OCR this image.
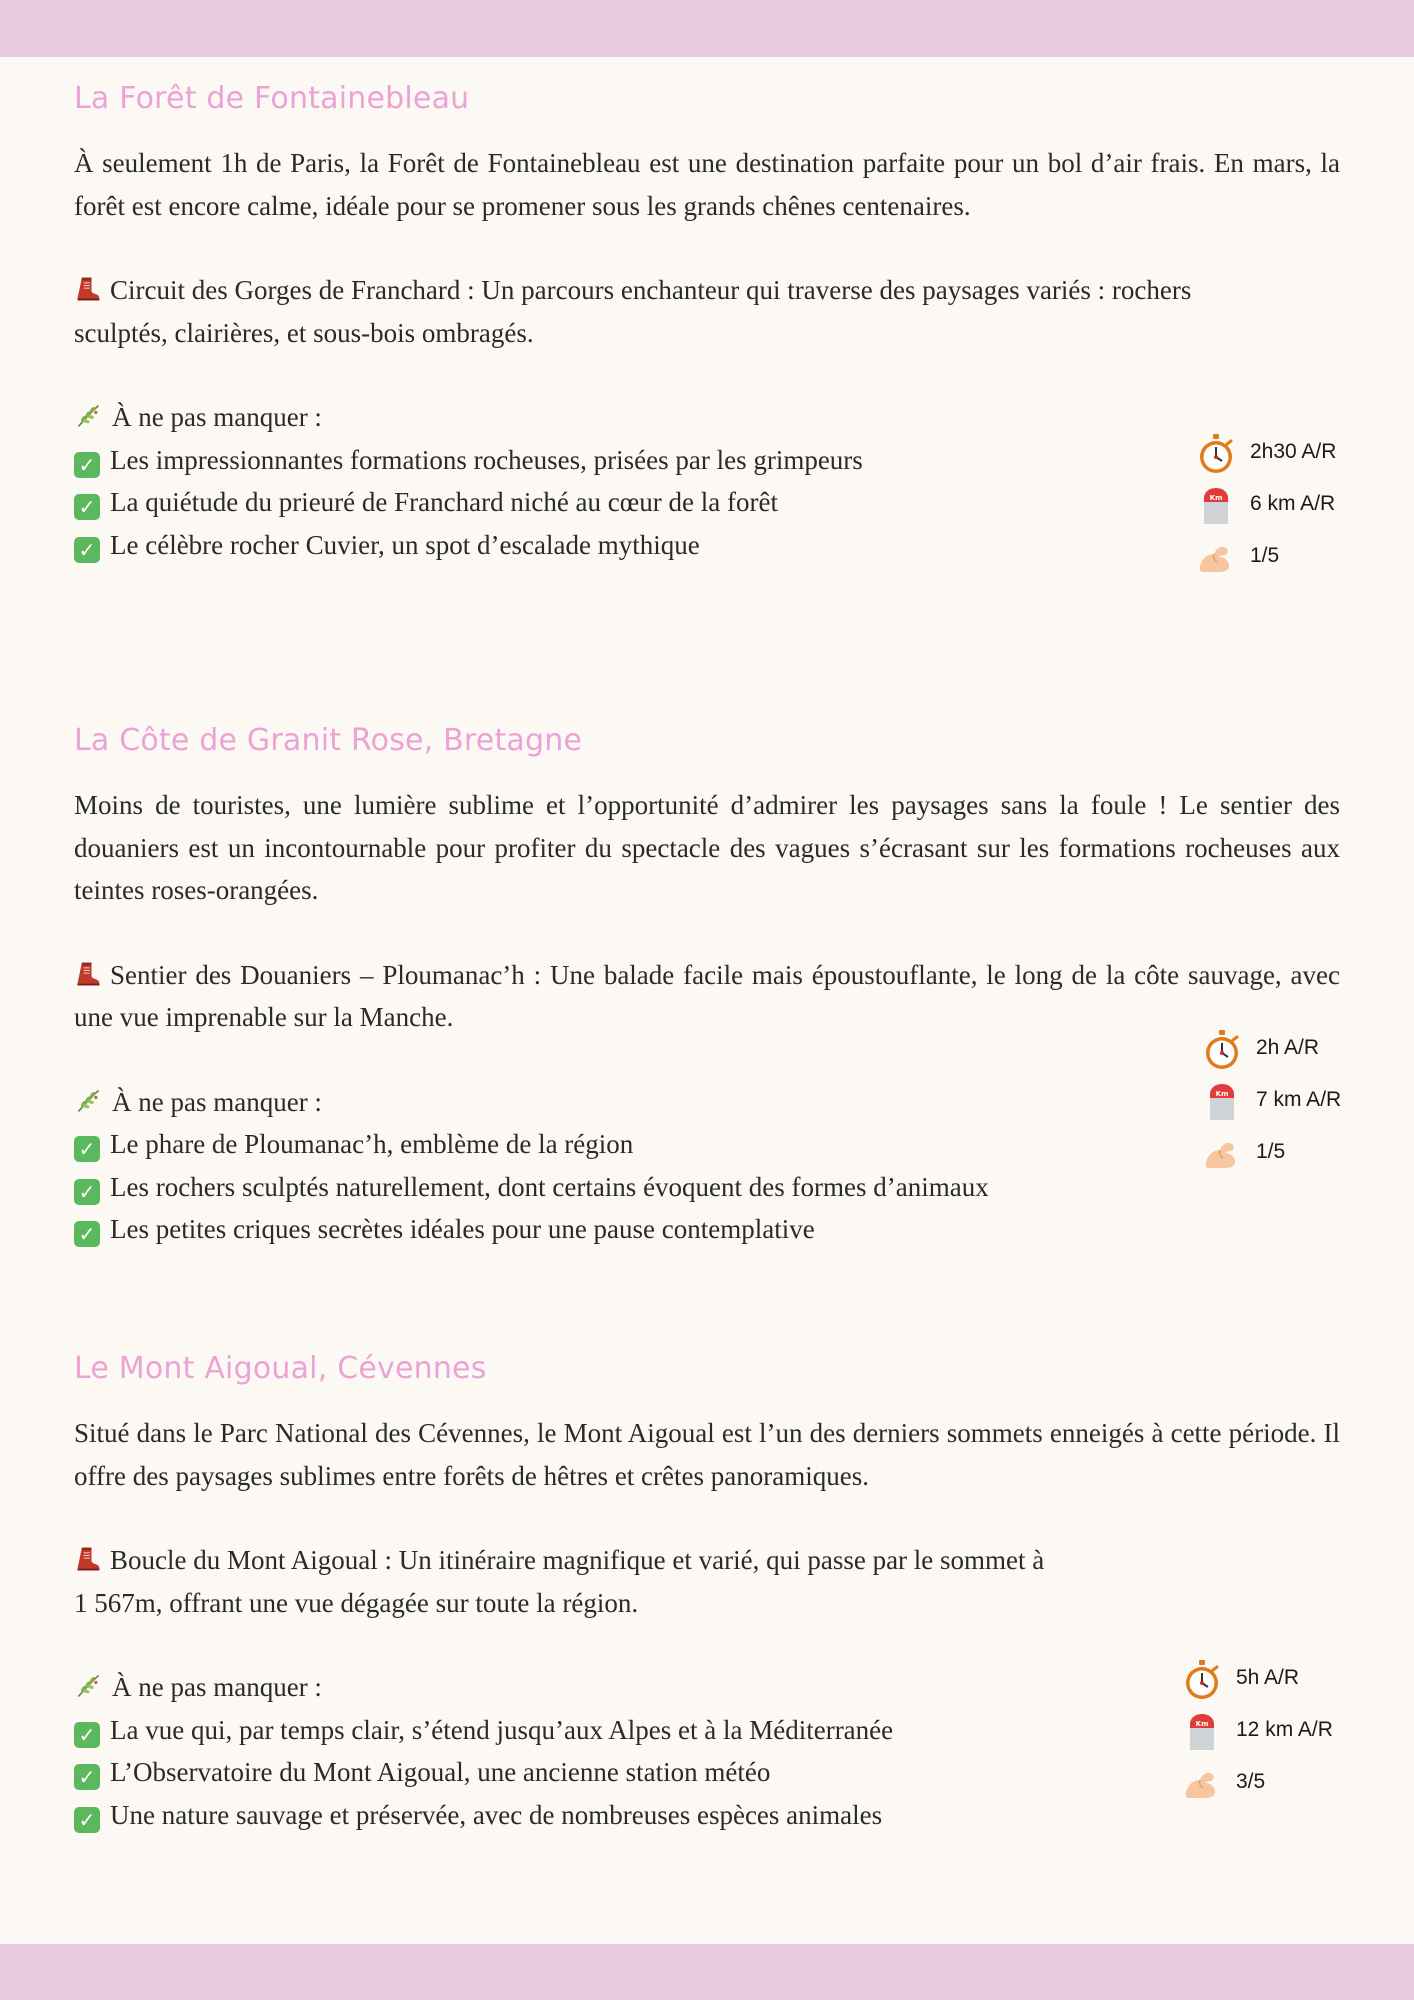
La Forêt de Fontainebleau

À seulement 1h de Paris, la Forêt de Fontainebleau est une destination parfaite pour un bol d’air frais. En mars, la forêt est encore calme, idéale pour se promener sous les grands chênes centenaires.

Circuit des Gorges de Franchard : Un parcours enchanteur qui traverse des paysages variés : rochers

sculptés, clairières, et sous-bois ombragés.

À ne pas manquer :

✓ Les impressionnantes formations rocheuses, prisées par les grimpeurs

✓ La quiétude du prieuré de Franchard niché au cœur de la forêt

✓ Le célèbre rocher Cuvier, un spot d’escalade mythique

2h30 A/R
6 km A/R
1/5
La Côte de Granit Rose, Bretagne

Moins de touristes, une lumière sublime et l’opportunité d’admirer les paysages sans la foule ! Le sentier des douaniers est un incontournable pour profiter du spectacle des vagues s’écrasant sur les formations rocheuses aux teintes roses-orangées.

Sentier des Douaniers – Ploumanac’h : Une balade facile mais époustouflante, le long de la côte sauvage, avec une vue imprenable sur la Manche.

À ne pas manquer :

✓ Le phare de Ploumanac’h, emblème de la région

✓ Les rochers sculptés naturellement, dont certains évoquent des formes d’animaux

✓ Les petites criques secrètes idéales pour une pause contemplative

2h A/R
7 km A/R
1/5
Le Mont Aigoual, Cévennes

Situé dans le Parc National des Cévennes, le Mont Aigoual est l’un des derniers sommets enneigés à cette période. Il offre des paysages sublimes entre forêts de hêtres et crêtes panoramiques.

Boucle du Mont Aigoual : Un itinéraire magnifique et varié, qui passe par le sommet à

1 567m, offrant une vue dégagée sur toute la région.

À ne pas manquer :

✓ La vue qui, par temps clair, s’étend jusqu’aux Alpes et à la Méditerranée

✓ L’Observatoire du Mont Aigoual, une ancienne station météo

✓ Une nature sauvage et préservée, avec de nombreuses espèces animales

5h A/R
12 km A/R
3/5
